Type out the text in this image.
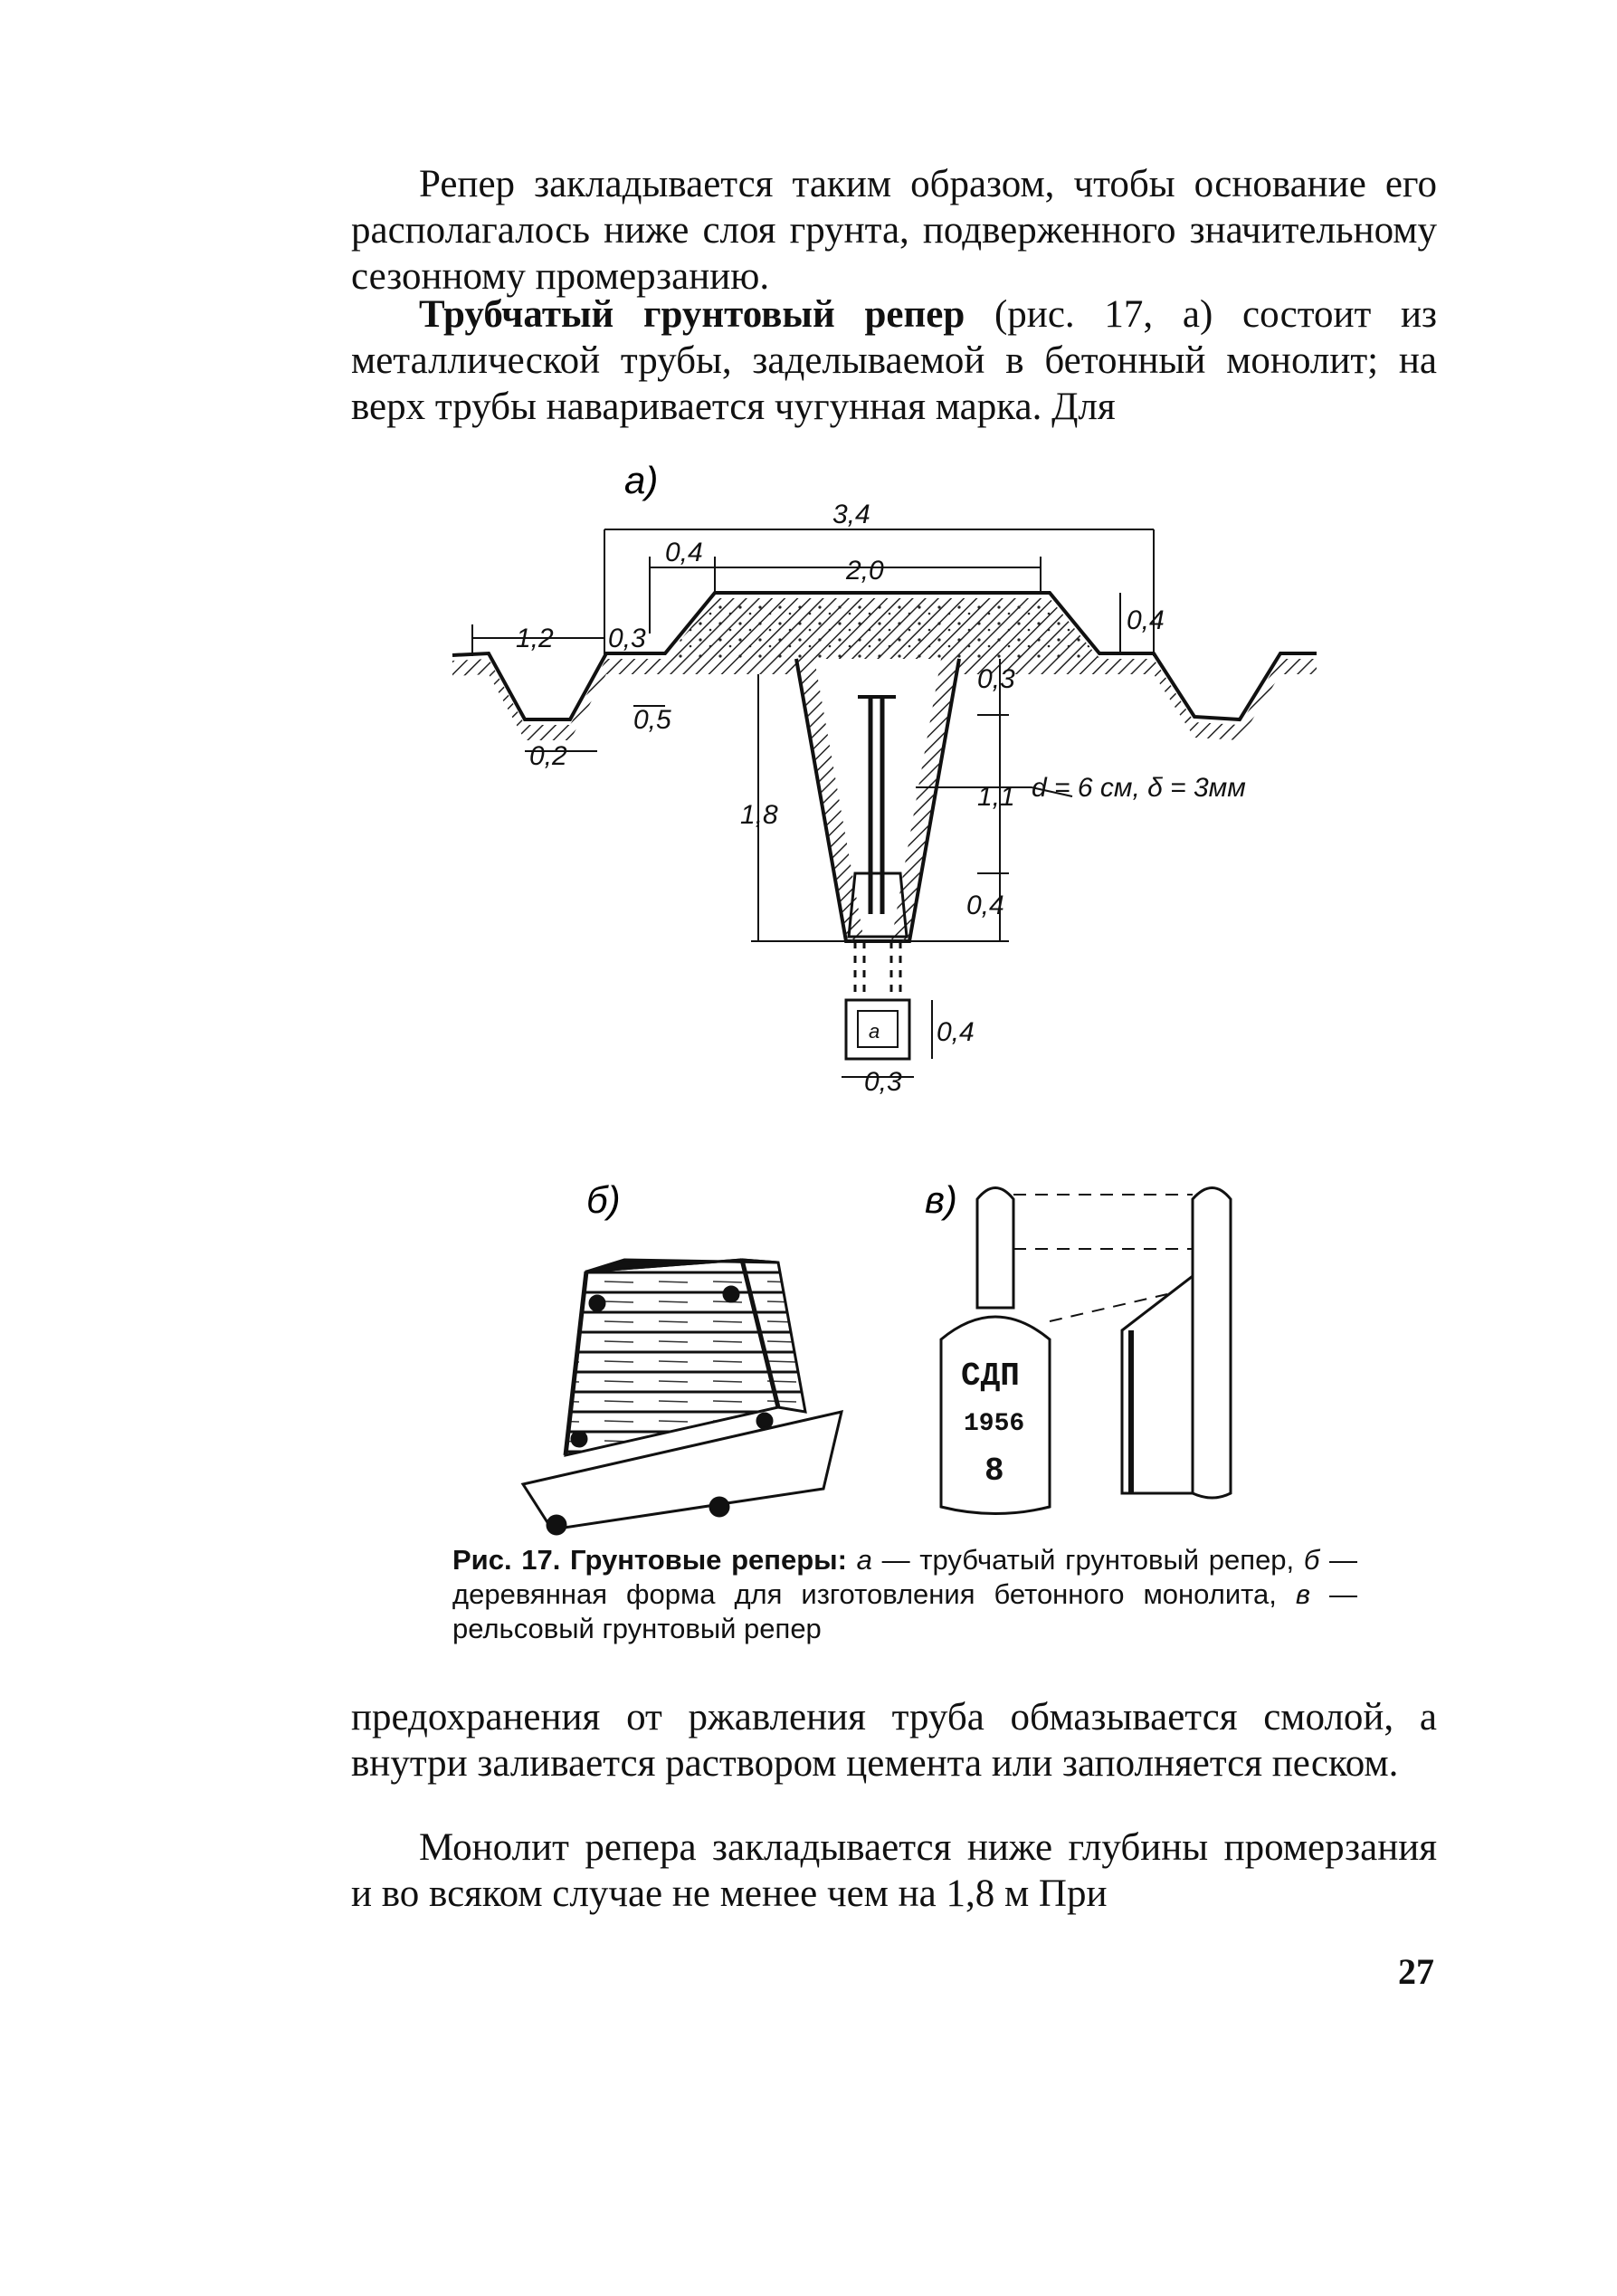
Репер закладывается таким образом, чтобы основание его располагалось ниже слоя грунта, подверженного значительному сезонному промерзанию.
Трубчатый грунтовый репер (рис. 17, а) состоит из металлической трубы, заделываемой в бетонный монолит; на верх трубы наваривается чугунная марка. Для
а)
3,4
0,4
2,0
1,2 0,3
0,4
0,5
0,2
1,8
0,3
1,1
0,4
d = 6 см, δ = 3мм
0,4
0,3
а
б)	в)
СДП
1956
8
Рис. 17. Грунтовые реперы: а — трубчатый грунтовый репер, б — деревянная форма для изготовления бетонного монолита, в — рельсовый грунтовый репер
предохранения от ржавления труба обмазывается смолой, а внутри заливается раствором цемента или заполняется песком.
Монолит репера закладывается ниже глубины промерзания и во всяком случае не менее чем на 1,8 м При
27
